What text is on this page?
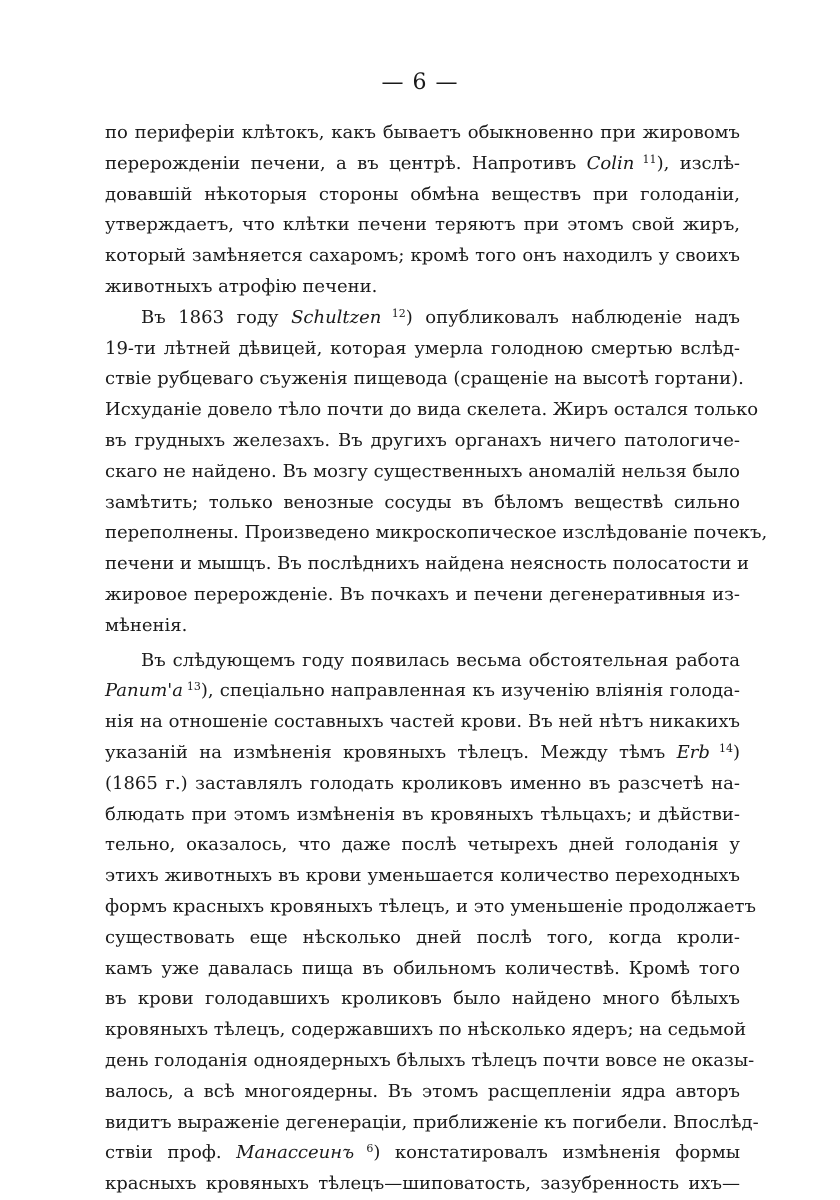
— 6 —
по периферіи клѣтокъ, какъ бываетъ обыкновенно при жировомъ
перерожденіи печени, а въ центрѣ. Напротивъ Colin $^{11}$), изслѣ-
довавшій нѣкоторыя стороны обмѣна веществъ при голоданіи,
утверждаетъ, что клѣтки печени теряютъ при этомъ свой жиръ,
который замѣняется сахаромъ; кромѣ того онъ находилъ у своихъ
животныхъ атрофію печени.
Въ 1863 году Schultzen $^{12}$) опубликовалъ наблюденіе надъ
19-ти лѣтней дѣвицей, которая умерла голодною смертью вслѣд-
ствіе рубцеваго съуженія пищевода (сращеніе на высотѣ гортани).
Исхуданіе довело тѣло почти до вида скелета. Жиръ остался только
въ грудныхъ железахъ. Въ другихъ органахъ ничего патологиче-
скаго не найдено. Въ мозгу существенныхъ аномалій нельзя было
замѣтить; только венозные сосуды въ бѣломъ веществѣ сильно
переполнены. Произведено микроскопическое изслѣдованіе почекъ,
печени и мышцъ. Въ послѣднихъ найдена неясность полосатости и
жировое перерожденіе. Въ почкахъ и печени дегенеративныя из-
мѣненія.
Въ слѣдующемъ году появилась весьма обстоятельная работа
Panum'a $^{13}$), спеціально направленная къ изученію вліянія голода-
нія на отношеніе составныхъ частей крови. Въ ней нѣтъ никакихъ
указаній на измѣненія кровяныхъ тѣлецъ. Между тѣмъ Erb $^{14}$)
(1865 г.) заставлялъ голодать кроликовъ именно въ разсчетѣ на-
блюдать при этомъ измѣненія въ кровяныхъ тѣльцахъ; и дѣйстви-
тельно, оказалось, что даже послѣ четырехъ дней голоданія у
этихъ животныхъ въ крови уменьшается количество переходныхъ
формъ красныхъ кровяныхъ тѣлецъ, и это уменьшеніе продолжаетъ
существовать еще нѣсколько дней послѣ того, когда кроли-
камъ уже давалась пища въ обильномъ количествѣ. Кромѣ того
въ крови голодавшихъ кроликовъ было найдено много бѣлыхъ
кровяныхъ тѣлецъ, содержавшихъ по нѣсколько ядеръ; на седьмой
день голоданія одноядерныхъ бѣлыхъ тѣлецъ почти вовсе не оказы-
валось, а всѣ многоядерны. Въ этомъ расщепленіи ядра авторъ
видитъ выраженіе дегенераціи, приближеніе къ погибели. Впослѣд-
ствіи проф. Манассеинъ $^6$) констатировалъ измѣненія формы
красныхъ кровяныхъ тѣлецъ—шиповатость, зазубренность ихъ—
